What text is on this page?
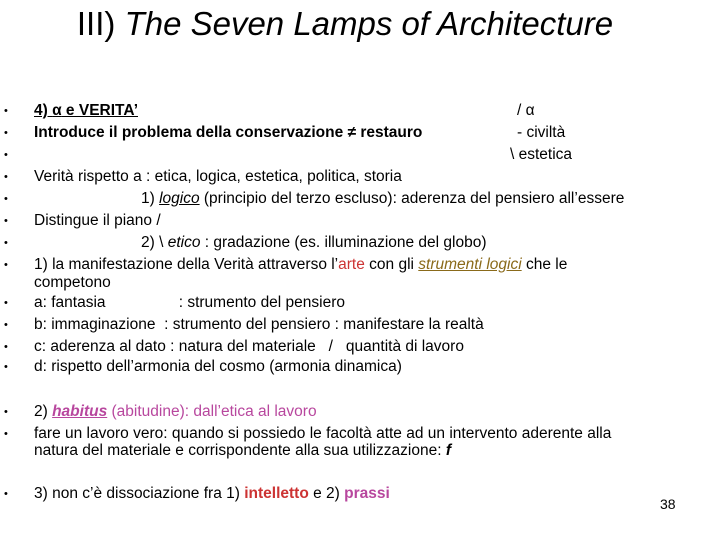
III) The Seven Lamps of Architecture
• 4) α e VERITA’	/ α
• Introduce il problema della conservazione ≠ restauro	- civiltà
•	\ estetica
• Verità rispetto a : etica, logica, estetica, politica, storia
•	1) logico (principio del terzo escluso): aderenza del pensiero all’essere
• Distingue il piano /
•	2) \ etico : gradazione (es. illuminazione del globo)
• 1) la manifestazione della Verità attraverso l’arte con gli strumenti logici che le
competono
• a: fantasia                 : strumento del pensiero
• b: immaginazione  : strumento del pensiero : manifestare la realtà
• c: aderenza al dato : natura del materiale   /   quantità di lavoro
• d: rispetto dell’armonia del cosmo (armonia dinamica)
• 2) habitus (abitudine): dall’etica al lavoro
• fare un lavoro vero: quando si possiedo le facoltà atte ad un intervento aderente alla
natura del materiale e corrispondente alla sua utilizzazione: f
• 3) non c’è dissociazione fra 1) intelletto e 2) prassi
38
